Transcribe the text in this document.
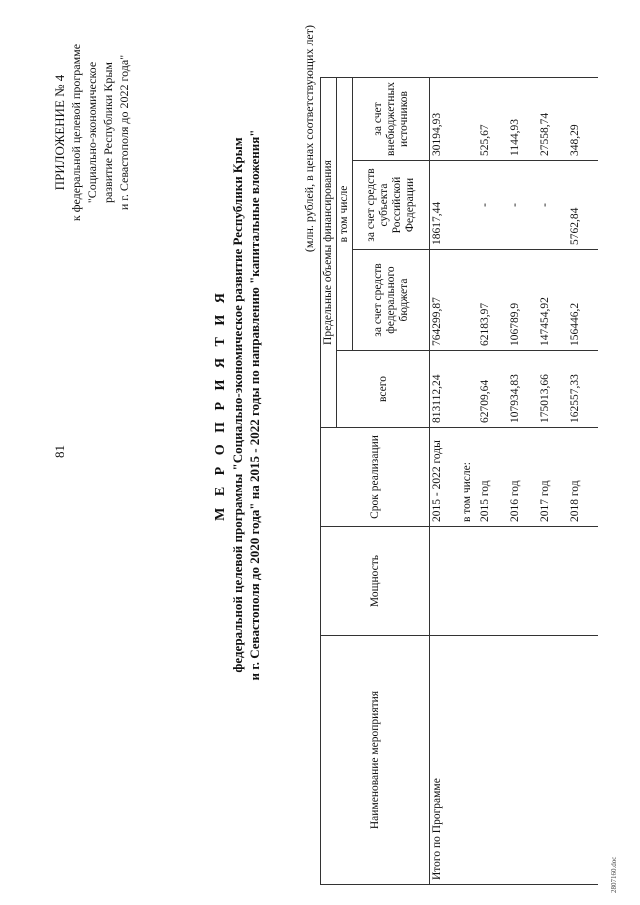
81
ПРИЛОЖЕНИЕ № 4 к федеральной целевой программе "Социально-экономическое развитие Республики Крым и г. Севастополя до 2022 года"
М Е Р О П Р И Я Т И Я федеральной целевой программы "Социально-экономическое развитие Республики Крым и г. Севастополя до 2020 года" на 2015 - 2022 годы по направлению "капитальные вложения"	(млн. рублей, в ценах соответствующих лет)
Наименование мероприятия	Мощность	Срок реализации	Предельные объемы финансирования			
			всего	в том числе		
				за счет средств федерального бюджета	за счет средств субъекта Российской Федерации	за счет внебюджетных источников
Итого по Программе		2015 - 2022 годы	813112,24	764299,87	18617,44	30194,93
		в том числе:				
		2015 год	62709,64	62183,97	-	525,67
		2016 год	107934,83	106789,9	-	1144,93
		2017 год	175013,66	147454,92	-	27558,74
		2018 год	162557,33	156446,2	5762,84	348,29
2807160.doc
